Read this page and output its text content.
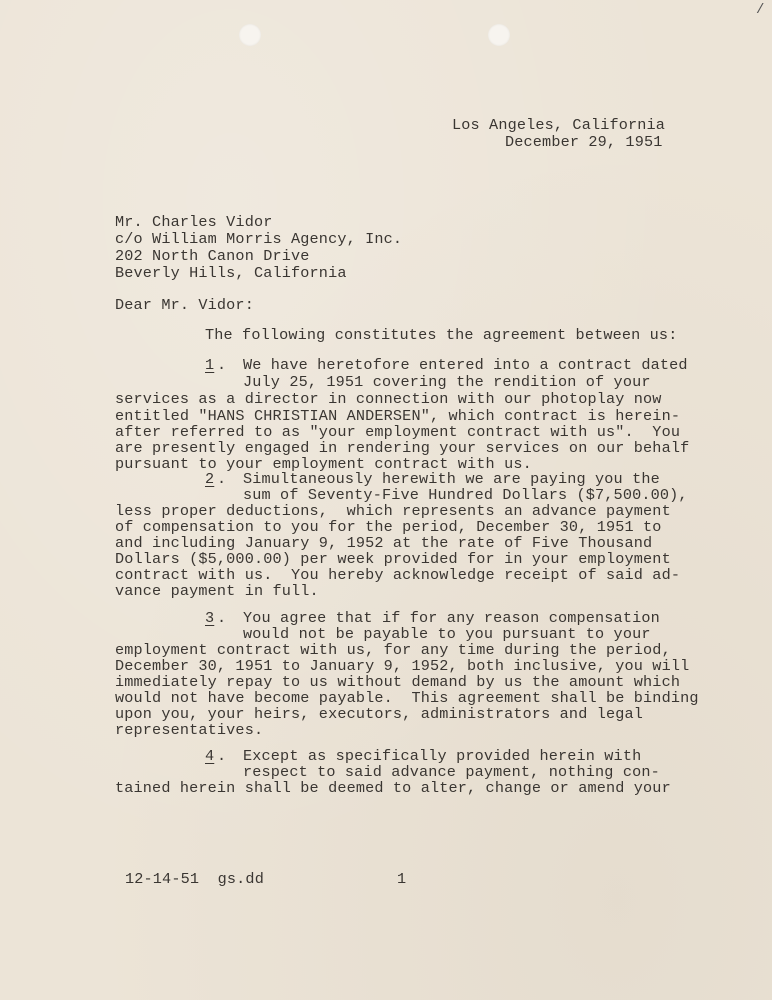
/
Los Angeles, California
December 29, 1951
Mr. Charles Vidor
c/o William Morris Agency, Inc.
202 North Canon Drive
Beverly Hills, California
Dear Mr. Vidor:
The following constitutes the agreement between us:
1 . We have heretofore entered into a contract dated
July 25, 1951 covering the rendition of your
services as a director in connection with our photoplay now
entitled "HANS CHRISTIAN ANDERSEN", which contract is herein-
after referred to as "your employment contract with us".  You
are presently engaged in rendering your services on our behalf
pursuant to your employment contract with us.
2 . Simultaneously herewith we are paying you the
sum of Seventy-Five Hundred Dollars ($7,500.00),
less proper deductions,  which represents an advance payment
of compensation to you for the period, December 30, 1951 to
and including January 9, 1952 at the rate of Five Thousand
Dollars ($5,000.00) per week provided for in your employment
contract with us.  You hereby acknowledge receipt of said ad-
vance payment in full.
3 . You agree that if for any reason compensation
would not be payable to you pursuant to your
employment contract with us, for any time during the period,
December 30, 1951 to January 9, 1952, both inclusive, you will
immediately repay to us without demand by us the amount which
would not have become payable.  This agreement shall be binding
upon you, your heirs, executors, administrators and legal
representatives.
4 . Except as specifically provided herein with
respect to said advance payment, nothing con-
tained herein shall be deemed to alter, change or amend your
12-14-51  gs.dd	1
